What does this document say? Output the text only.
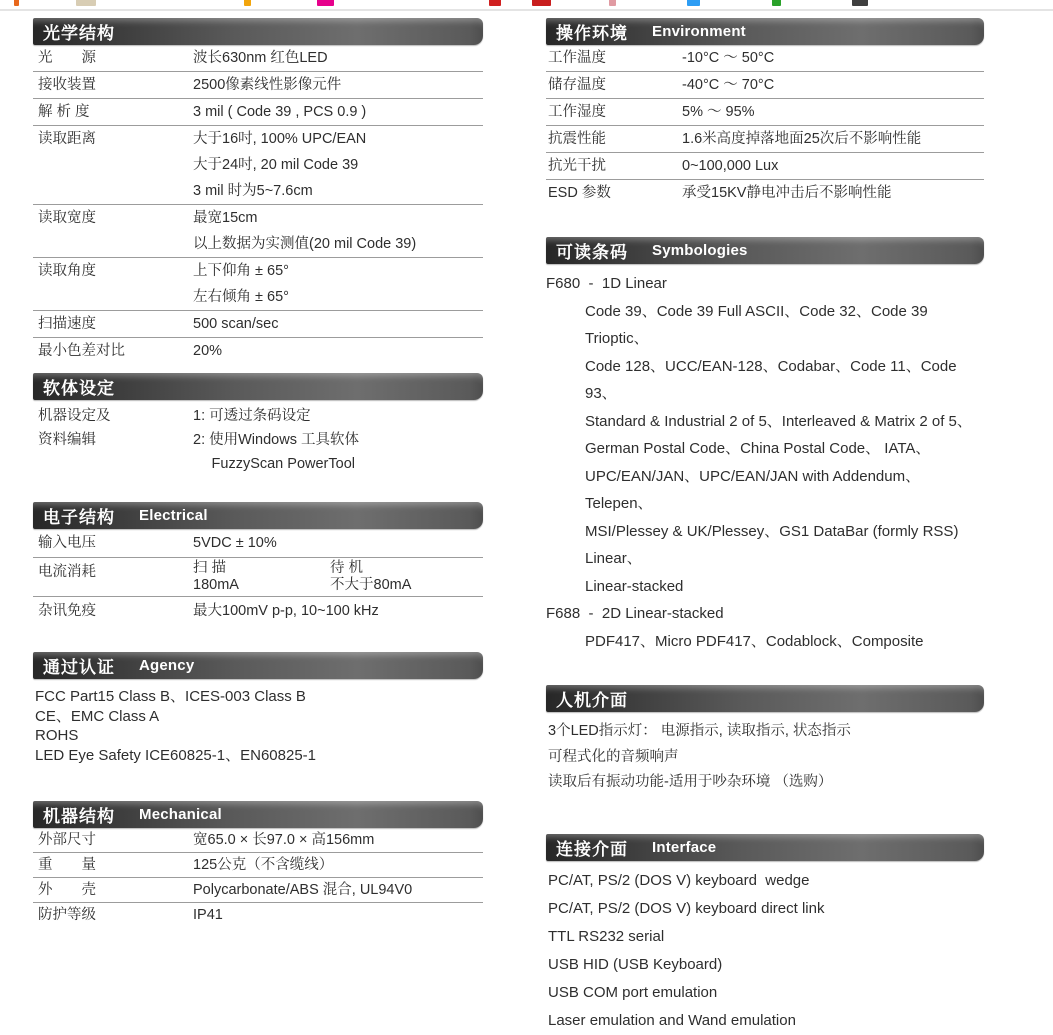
光学结构
光　　源	波长630nm 红色LED
接收装置	2500像素线性影像元件
解 析 度	3 mil ( Code 39 , PCS 0.9 )
读取距离	大于16吋, 100% UPC/EAN
大于24吋, 20 mil Code 39
3 mil 时为5~7.6cm
读取宽度	最宽15cm
以上数据为实测值(20 mil Code 39)
读取角度	上下仰角 ± 65°
左右倾角 ± 65°
扫描速度	500 scan/sec
最小色差对比	20%
软体设定
机器设定及	1: 可透过条码设定
资料编辑	2: 使用Windows 工具软体
　 FuzzyScan PowerTool
电子结构 Electrical
输入电压	5VDC ± 10%
电流消耗	扫 描	待 机
180mA	不大于80mA
杂讯免疫	最大100mV p-p, 10~100 kHz
通过认证 Agency
FCC Part15 Class B、ICES-003 Class B
CE、EMC Class A
ROHS
LED Eye Safety ICE60825-1、EN60825-1
机器结构 Mechanical
外部尺寸	宽65.0 × 长97.0 × 高156mm
重　　量	125公克（不含缆线）
外　　壳	Polycarbonate/ABS 混合, UL94V0
防护等级	IP41
操作环境 Environment
工作温度	-10°C ～ 50°C
储存温度	-40°C ～ 70°C
工作湿度	5% ～ 95%
抗震性能	1.6米高度掉落地面25次后不影响性能
抗光干扰	0~100,000 Lux
ESD 参数	承受15KV静电冲击后不影响性能
可读条码 Symbologies
F680  -  1D Linear
Code 39、Code 39 Full ASCII、Code 32、Code 39 Trioptic、
Code 128、UCC/EAN-128、Codabar、Code 11、Code 93、
Standard & Industrial 2 of 5、Interleaved & Matrix 2 of 5、
German Postal Code、China Postal Code、 IATA、
UPC/EAN/JAN、UPC/EAN/JAN with Addendum、Telepen、
MSI/Plessey & UK/Plessey、GS1 DataBar (formly RSS) Linear、
Linear-stacked
F688  -  2D Linear-stacked
PDF417、Micro PDF417、Codablock、Composite
人机介面
3个LED指示灯： 电源指示, 读取指示, 状态指示
可程式化的音频响声
读取后有振动功能-适用于吵杂环境 （选购）
连接介面 Interface
PC/AT, PS/2 (DOS V) keyboard  wedge
PC/AT, PS/2 (DOS V) keyboard direct link
TTL RS232 serial
USB HID (USB Keyboard)
USB COM port emulation
Laser emulation and Wand emulation
